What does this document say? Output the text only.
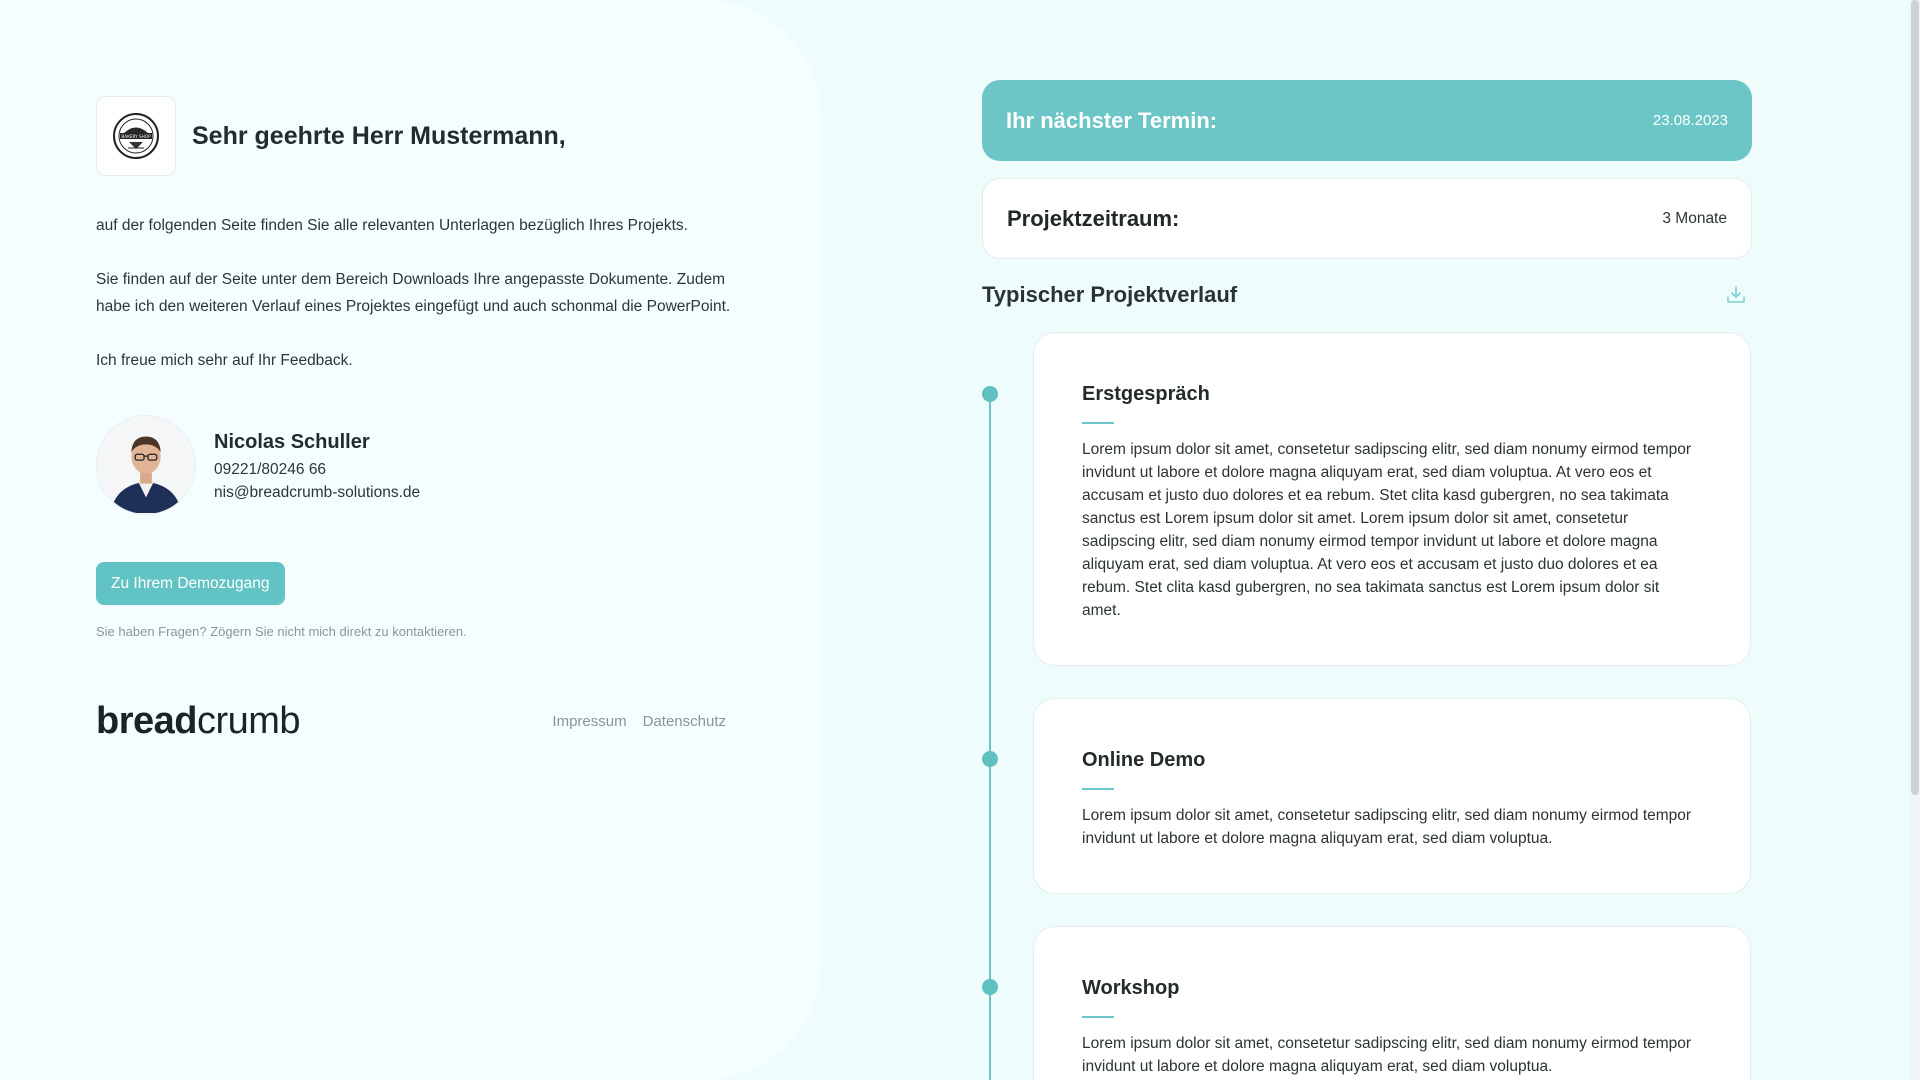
BAKERY SHOP Sehr geehrte Herr Mustermann,

auf der folgenden Seite finden Sie alle relevanten Unterlagen bezüglich Ihres Projekts.

Sie finden auf der Seite unter dem Bereich Downloads Ihre angepasste Dokumente. Zudem habe ich den weiteren Verlauf eines Projektes eingefügt und auch schonmal die PowerPoint.

Ich freue mich sehr auf Ihr Feedback.

Nicolas Schuller
09221/80246 66
nis@breadcrumb-solutions.de
Zu Ihrem Demozugang
Sie haben Fragen? Zögern Sie nicht mich direkt zu kontaktieren.
breadcrumb	Impressum Datenschutz
Ihr nächster Termin:	23.08.2023
Projektzeitraum:	3 Monate
Typischer Projektverlauf
Erstgespräch

Lorem ipsum dolor sit amet, consetetur sadipscing elitr, sed diam nonumy eirmod tempor invidunt ut labore et dolore magna aliquyam erat, sed diam voluptua. At vero eos et accusam et justo duo dolores et ea rebum. Stet clita kasd gubergren, no sea takimata sanctus est Lorem ipsum dolor sit amet. Lorem ipsum dolor sit amet, consetetur sadipscing elitr, sed diam nonumy eirmod tempor invidunt ut labore et dolore magna aliquyam erat, sed diam voluptua. At vero eos et accusam et justo duo dolores et ea rebum. Stet clita kasd gubergren, no sea takimata sanctus est Lorem ipsum dolor sit amet.

Online Demo

Lorem ipsum dolor sit amet, consetetur sadipscing elitr, sed diam nonumy eirmod tempor invidunt ut labore et dolore magna aliquyam erat, sed diam voluptua.

Workshop

Lorem ipsum dolor sit amet, consetetur sadipscing elitr, sed diam nonumy eirmod tempor invidunt ut labore et dolore magna aliquyam erat, sed diam voluptua.
